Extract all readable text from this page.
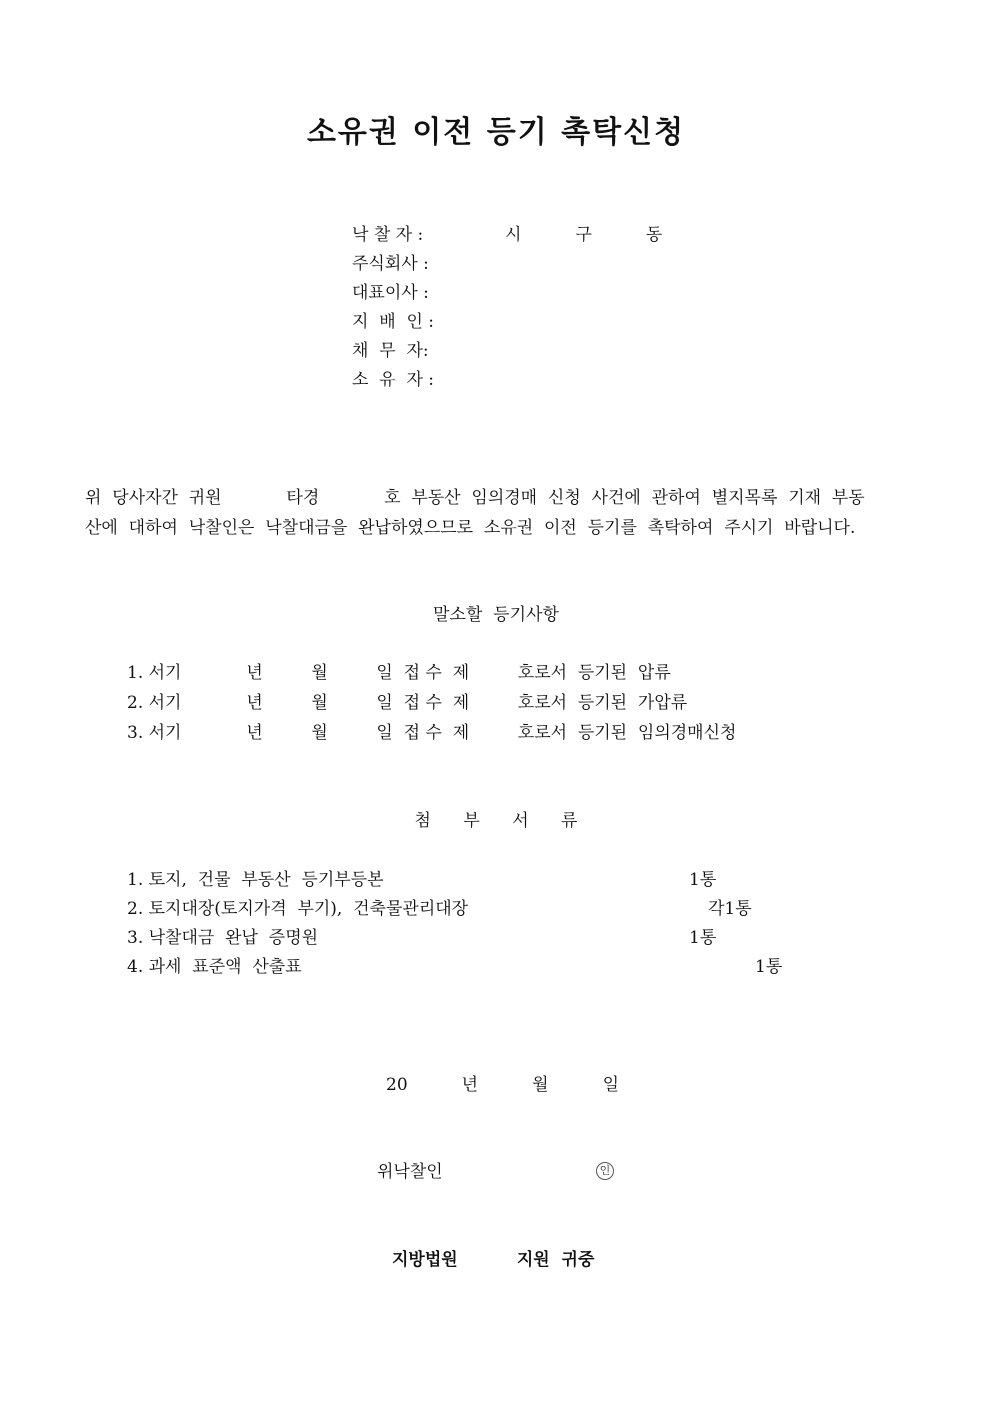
소유권 이전 등기 촉탁신청
낙 찰 자 :	시          구          동
주식회사 :
대표이사 :
지  배  인 :
채  무  자:
소  유  자 :
위  당사자간  귀원            타경            호  부동산  임의경매  신청  사건에  관하여  별지목록  기재  부동
산에  대하여  낙찰인은  낙찰대금을  완납하였으므로  소유권  이전  등기를  촉탁하여  주시기  바랍니다.
말소할  등기사항
1. 서기            년         월         일  접 수  제         호로서  등기된  압류
2. 서기            년         월         일  접 수  제         호로서  등기된  가압류
3. 서기            년         월         일  접 수  제         호로서  등기된  임의경매신청
첨      부      서      류
1. 토지,  건물  부동산  등기부등본	1통
2. 토지대장(토지가격  부기),  건축물관리대장	각1통
3. 낙찰대금  완납  증명원	1통
4. 과세  표준액  산출표	1통
20          년          월          일
위낙찰인	인
지방법원          지원  귀중
